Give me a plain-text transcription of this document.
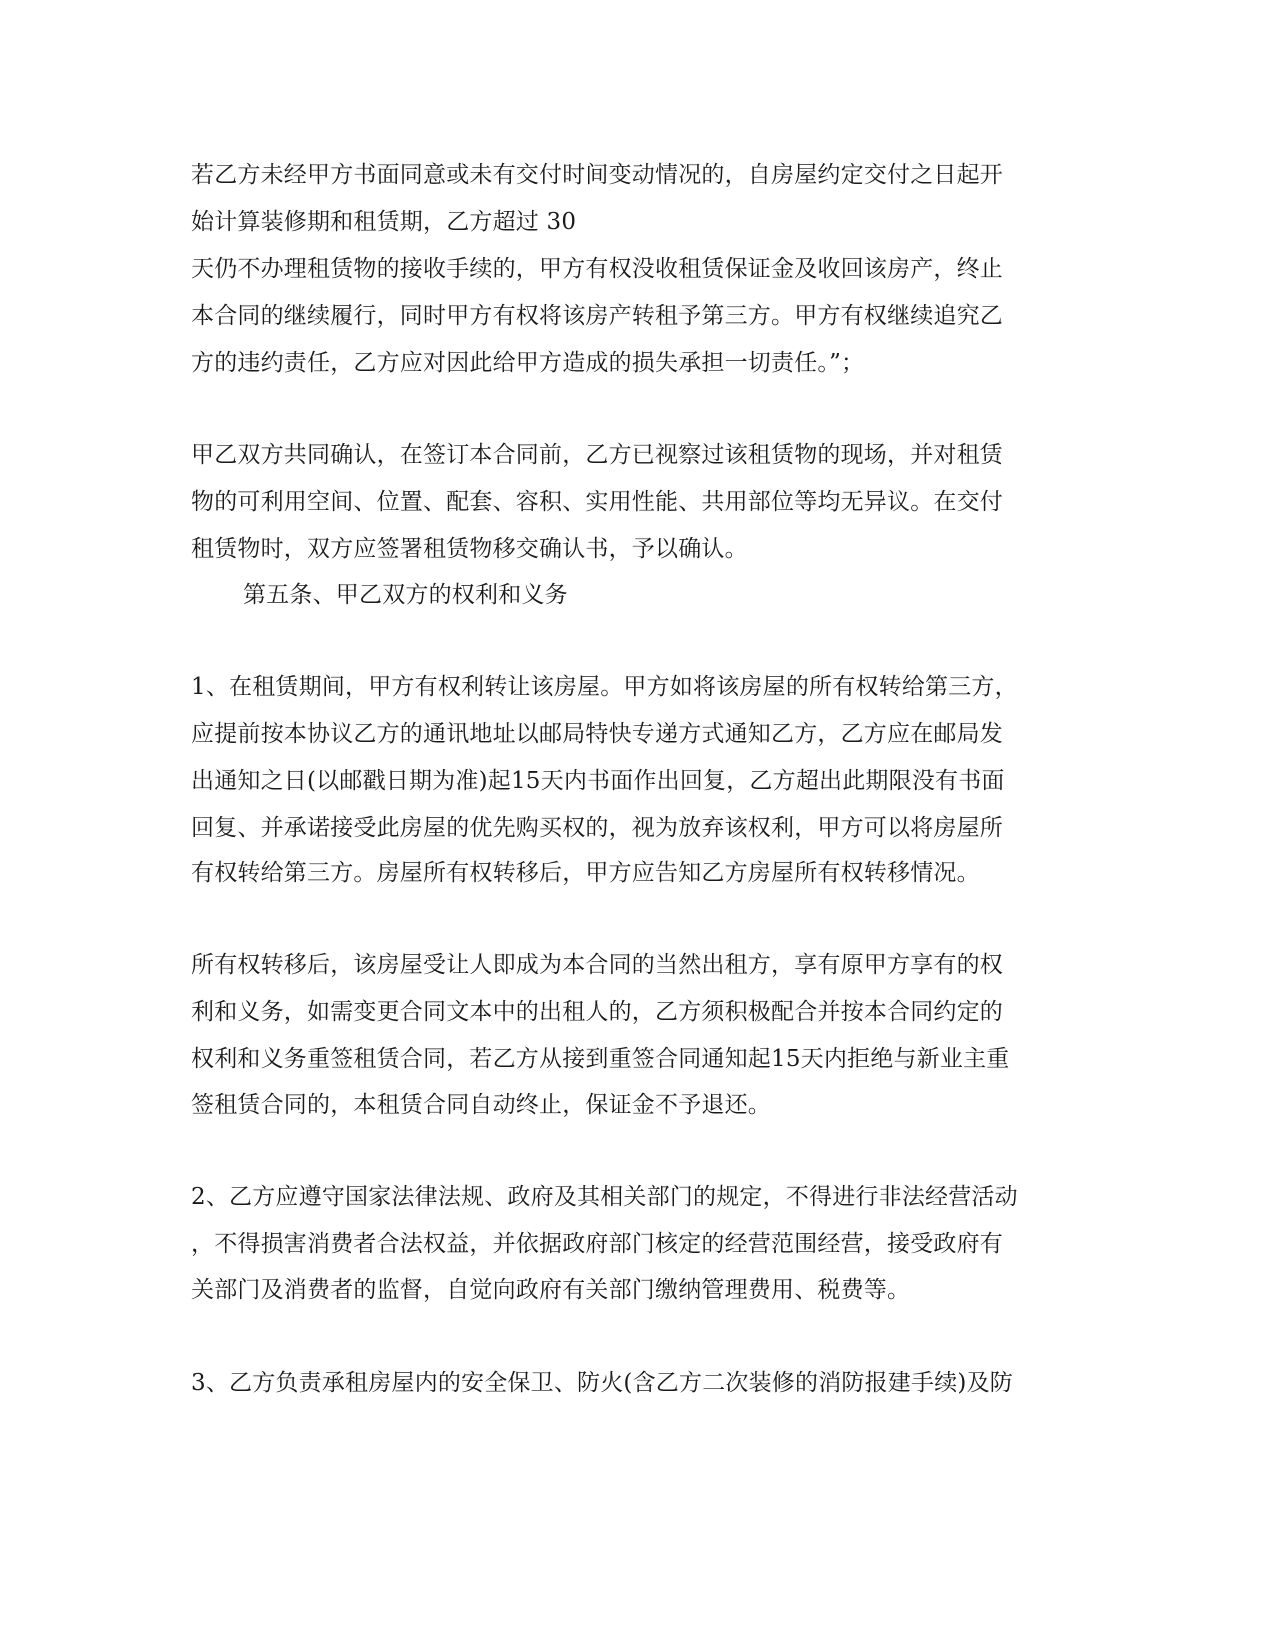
若乙方未经甲方书面同意或未有交付时间变动情况的，自房屋约定交付之日起开
始计算装修期和租赁期，乙方超过 30
天仍不办理租赁物的接收手续的，甲方有权没收租赁保证金及收回该房产，终止
本合同的继续履行，同时甲方有权将该房产转租予第三方。甲方有权继续追究乙
方的违约责任，乙方应对因此给甲方造成的损失承担一切责任。”；
甲乙双方共同确认，在签订本合同前，乙方已视察过该租赁物的现场，并对租赁
物的可利用空间、位置、配套、容积、实用性能、共用部位等均无异议。在交付
租赁物时，双方应签署租赁物移交确认书，予以确认。
第五条、甲乙双方的权利和义务
1、在租赁期间，甲方有权利转让该房屋。甲方如将该房屋的所有权转给第三方，
应提前按本协议乙方的通讯地址以邮局特快专递方式通知乙方，乙方应在邮局发
出通知之日(以邮戳日期为准)起15天内书面作出回复，乙方超出此期限没有书面
回复、并承诺接受此房屋的优先购买权的，视为放弃该权利，甲方可以将房屋所
有权转给第三方。房屋所有权转移后，甲方应告知乙方房屋所有权转移情况。
所有权转移后，该房屋受让人即成为本合同的当然出租方，享有原甲方享有的权
利和义务，如需变更合同文本中的出租人的，乙方须积极配合并按本合同约定的
权利和义务重签租赁合同，若乙方从接到重签合同通知起15天内拒绝与新业主重
签租赁合同的，本租赁合同自动终止，保证金不予退还。
2、乙方应遵守国家法律法规、政府及其相关部门的规定，不得进行非法经营活动
，不得损害消费者合法权益，并依据政府部门核定的经营范围经营，接受政府有
关部门及消费者的监督，自觉向政府有关部门缴纳管理费用、税费等。
3、乙方负责承租房屋内的安全保卫、防火(含乙方二次装修的消防报建手续)及防
